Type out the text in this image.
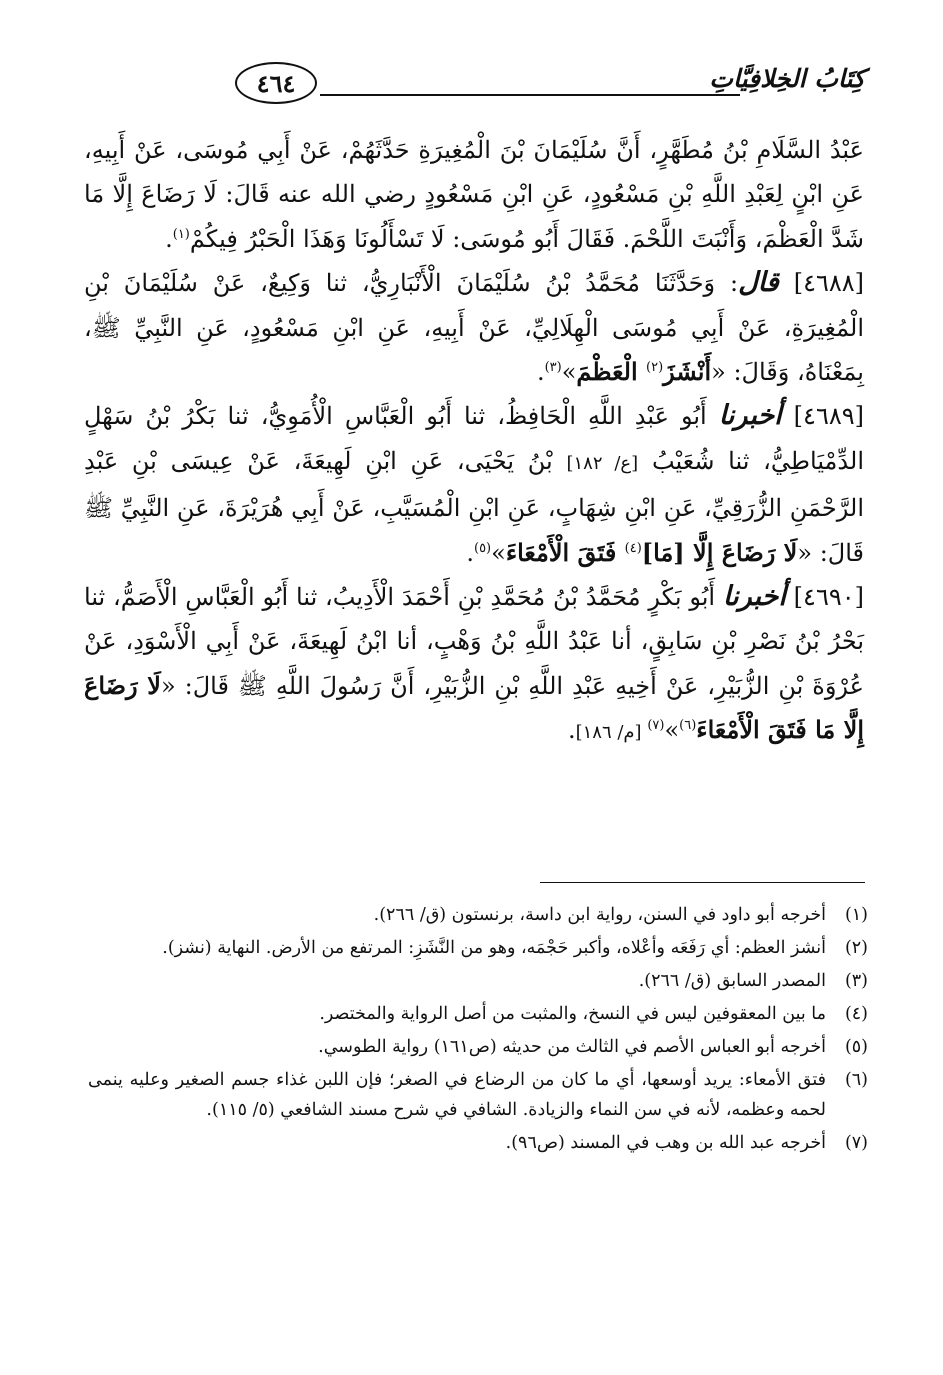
كِتَابُ الخِلافِيَّاتِ
٤٦٤

عَبْدُ السَّلَامِ بْنُ مُطَهَّرٍ، أَنَّ سُلَيْمَانَ بْنَ الْمُغِيرَةِ حَدَّثَهُمْ، عَنْ أَبِي مُوسَى، عَنْ أَبِيهِ، عَنِ ابْنٍ لِعَبْدِ اللَّهِ بْنِ مَسْعُودٍ، عَنِ ابْنِ مَسْعُودٍ رضي الله عنه قَالَ: لَا رَضَاعَ إِلَّا مَا شَدَّ الْعَظْمَ، وَأَنْبَتَ اللَّحْمَ. فَقَالَ أَبُو مُوسَى: لَا تَسْأَلُونَا وَهَذَا الْحَبْرُ فِيكُمْ$^{(١)}$.

[٤٦٨٨] قال: وَحَدَّثَنَا مُحَمَّدُ بْنُ سُلَيْمَانَ الْأَنْبَارِيُّ، ثنا وَكِيعٌ، عَنْ سُلَيْمَانَ بْنِ الْمُغِيرَةِ، عَنْ أَبِي مُوسَى الْهِلَالِيِّ، عَنْ أَبِيهِ، عَنِ ابْنِ مَسْعُودٍ، عَنِ النَّبِيِّ ﷺ، بِمَعْنَاهُ، وَقَالَ: «أَنْشَزَ$^{(٢)}$ الْعَظْمَ»$^{(٣)}$.

[٤٦٨٩] أخبرنا أَبُو عَبْدِ اللَّهِ الْحَافِظُ، ثنا أَبُو الْعَبَّاسِ الْأُمَوِيُّ، ثنا بَكْرُ بْنُ سَهْلٍ الدِّمْيَاطِيُّ، ثنا شُعَيْبُ [ع/ ١٨٢] بْنُ يَحْيَى، عَنِ ابْنِ لَهِيعَةَ، عَنْ عِيسَى بْنِ عَبْدِ الرَّحْمَنِ الزُّرَقِيِّ، عَنِ ابْنِ شِهَابٍ، عَنِ ابْنِ الْمُسَيَّبِ، عَنْ أَبِي هُرَيْرَةَ، عَنِ النَّبِيِّ ﷺ قَالَ: «لَا رَضَاعَ إِلَّا [مَا]$^{(٤)}$ فَتَقَ الْأَمْعَاءَ»$^{(٥)}$.

[٤٦٩٠] أخبرنا أَبُو بَكْرٍ مُحَمَّدُ بْنُ مُحَمَّدِ بْنِ أَحْمَدَ الْأَدِيبُ، ثنا أَبُو الْعَبَّاسِ الْأَصَمُّ، ثنا بَحْرُ بْنُ نَصْرِ بْنِ سَابِقٍ، أنا عَبْدُ اللَّهِ بْنُ وَهْبٍ، أنا ابْنُ لَهِيعَةَ، عَنْ أَبِي الْأَسْوَدِ، عَنْ عُرْوَةَ بْنِ الزُّبَيْرِ، عَنْ أَخِيهِ عَبْدِ اللَّهِ بْنِ الزُّبَيْرِ، أَنَّ رَسُولَ اللَّهِ ﷺ قَالَ: «لَا رَضَاعَ إِلَّا مَا فَتَقَ الْأَمْعَاءَ$^{(٦)}$»$^{(٧)}$ [م/ ١٨٦].

(١)
أخرجه أبو داود في السنن، رواية ابن داسة، برنستون (ق/ ٢٦٦).
(٢)
أنشز العظم: أي رَفَعَه وأعْلاه، وأكبر حَجْمَه، وهو من النَّشَزِ: المرتفع من الأرض. النهاية (نشز).
(٣)
المصدر السابق (ق/ ٢٦٦).
(٤)
ما بين المعقوفين ليس في النسخ، والمثبت من أصل الرواية والمختصر.
(٥)
أخرجه أبو العباس الأصم في الثالث من حديثه (ص١٦١) رواية الطوسي.
(٦)
فتق الأمعاء: يريد أوسعها، أي ما كان من الرضاع في الصغر؛ فإن اللبن غذاء جسم الصغير وعليه ينمى لحمه وعظمه، لأنه في سن النماء والزيادة. الشافي في شرح مسند الشافعي (٥/ ١١٥).
(٧)
أخرجه عبد الله بن وهب في المسند (ص٩٦).
